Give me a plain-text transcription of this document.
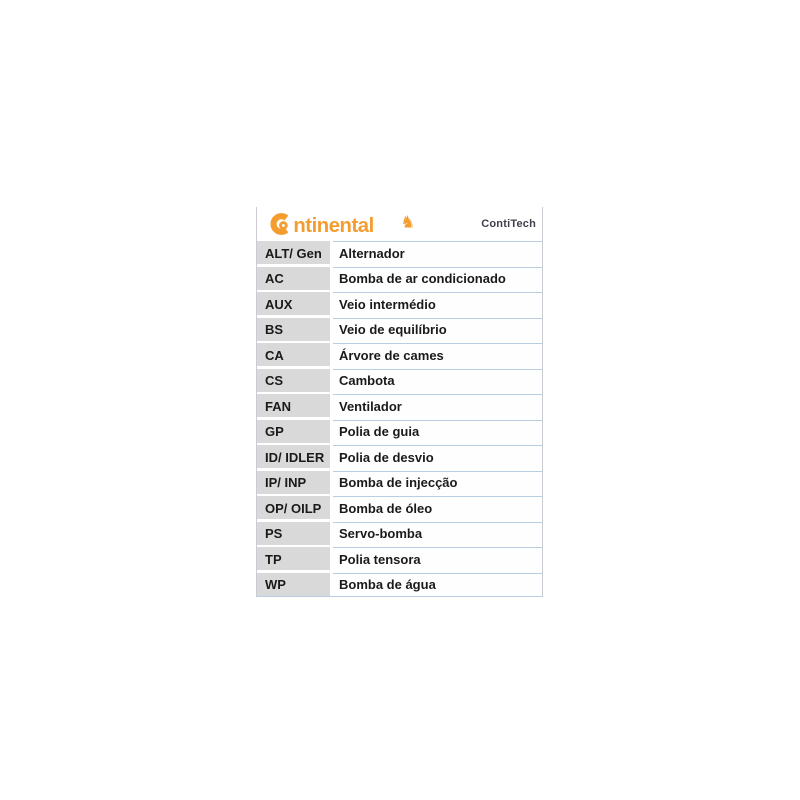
ntinental ♞	ContiTech
ALT/ Gen	Alternador
AC	Bomba de ar condicionado
AUX	Veio intermédio
BS	Veio de equilíbrio
CA	Árvore de cames
CS	Cambota
FAN	Ventilador
GP	Polia de guia
ID/ IDLER	Polia de desvio
IP/ INP	Bomba de injecção
OP/ OILP	Bomba de óleo
PS	Servo-bomba
TP	Polia tensora
WP	Bomba de água
